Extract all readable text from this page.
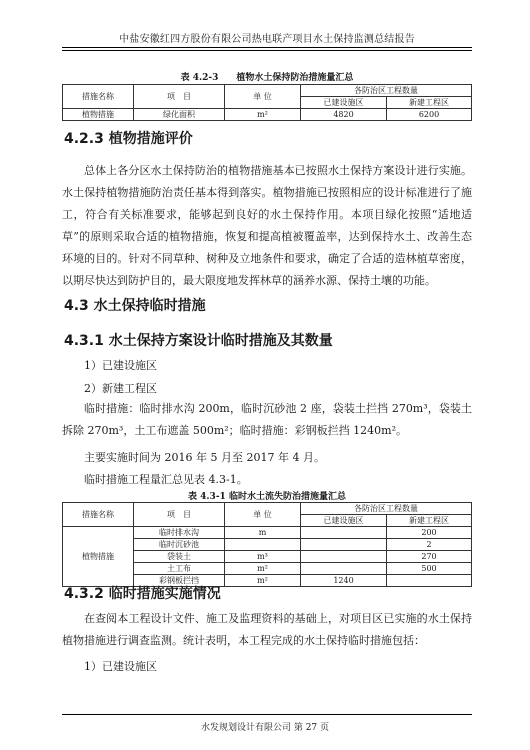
中盐安徽红四方股份有限公司热电联产项目水土保持监测总结报告
表 4.2-3　　植物水土保持防治措施量汇总
措施名称	项　目	单 位	各防治区工程数量	
			已建设施区	新建工程区
植物措施	绿化面积	m²	4820	6200
4.2.3 植物措施评价
总体上各分区水土保持防治的植物措施基本已按照水土保持方案设计进行实施。水土保持植物措施防治责任基本得到落实。植物措施已按照相应的设计标准进行了施工，符合有关标准要求，能够起到良好的水土保持作用。本项目绿化按照“适地适草”的原则采取合适的植物措施，恢复和提高植被覆盖率，达到保持水土、改善生态环境的目的。针对不同草种、树种及立地条件和要求，确定了合适的造林植草密度，以期尽快达到防护目的，最大限度地发挥林草的涵养水源、保持土壤的功能。
4.3 水土保持临时措施
4.3.1 水土保持方案设计临时措施及其数量
1）已建设施区
2）新建工程区
临时措施：临时排水沟 200m，临时沉砂池 2 座，袋装土拦挡 270m³，袋装土拆除 270m³，土工布遮盖 500m²；临时措施：彩钢板拦挡 1240m²。
主要实施时间为 2016 年 5 月至 2017 年 4 月。
临时措施工程量汇总见表 4.3-1。
表 4.3-1 临时水土流失防治措施量汇总
措施名称	项　目	单 位	各防治区工程数量	
			已建设施区	新建工程区
植物措施	临时排水沟	m		200
	临时沉砂池			2
	袋装土	m³		270
	土工布	m²		500
	彩钢板拦挡	m²	1240	
4.3.2 临时措施实施情况
在查阅本工程设计文件、施工及监理资料的基础上，对项目区已实施的水土保持植物措施进行调查监测。统计表明，本工程完成的水土保持临时措施包括：
1）已建设施区
水发规划设计有限公司 第 27 页
